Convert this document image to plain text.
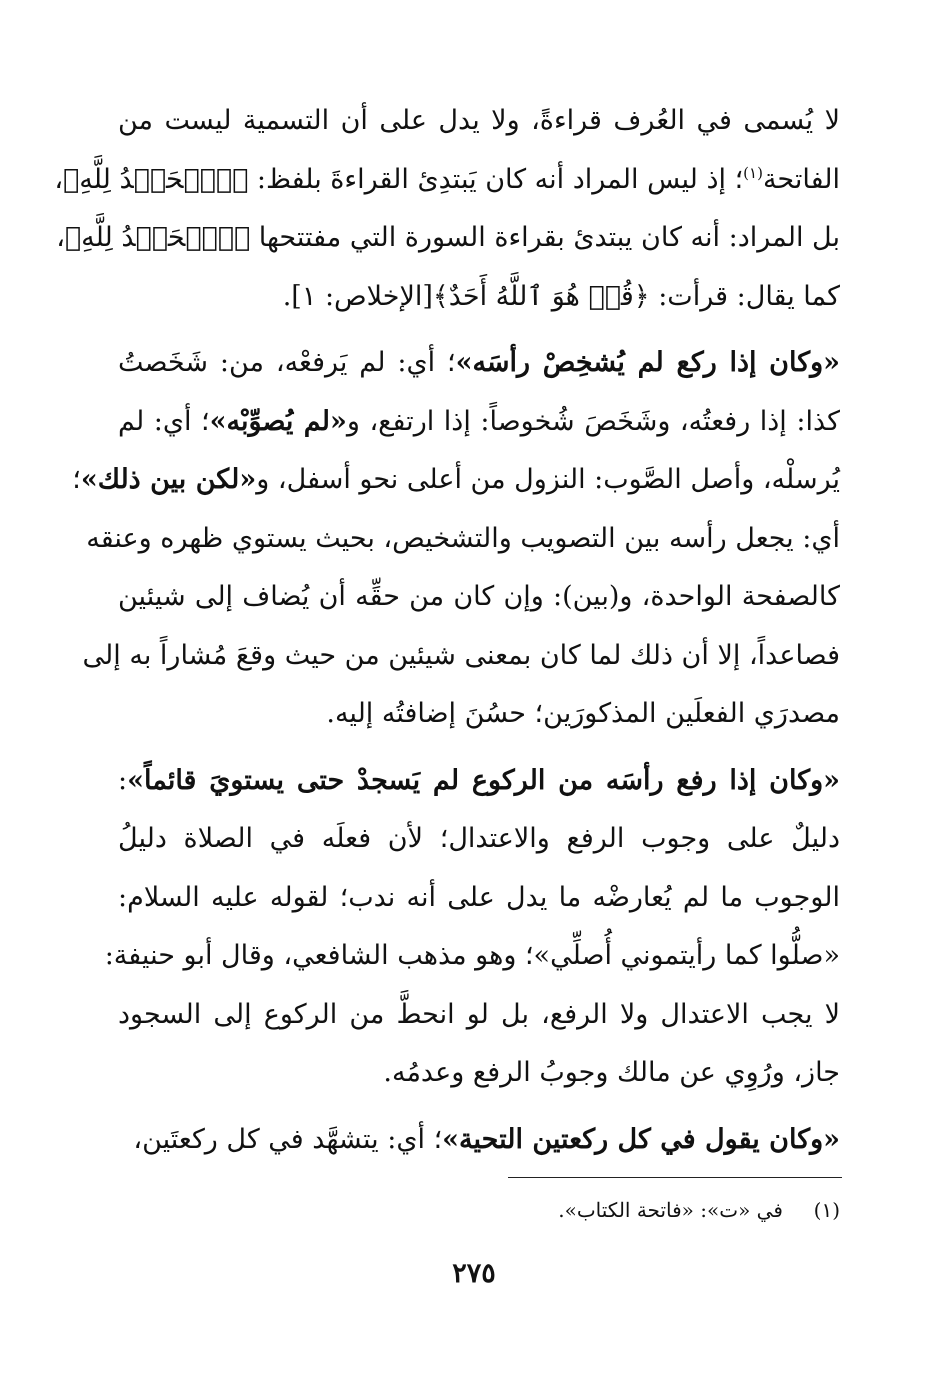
لا يُسمى في العُرف قراءةً، ولا يدل على أن التسمية ليست من
الفاتحة$^{(١)}$؛ إذ ليس المراد أنه كان يَبتدِئ القراءةَ بلفظ: ﴿ٱلۡحَمۡدُ لِلَّهِ﴾،
بل المراد: أنه كان يبتدئ بقراءة السورة التي مفتتحها ﴿ٱلۡحَمۡدُ لِلَّهِ﴾،
كما يقال: قرأت: ﴿قُلۡ هُوَ ٱللَّهُ أَحَدٌ﴾[الإخلاص: ١].
«وكان إذا ركع لم يُشخِصْ رأسَه»؛ أي: لم يَرفعْه، من: شَخَصتُ
كذا: إذا رفعتُه، وشَخَصَ شُخوصاً: إذا ارتفع، و«لم يُصوِّبْه»؛ أي: لم
يُرسلْه، وأصل الصَّوب: النزول من أعلى نحو أسفل، و«لكن بين ذلك»؛
أي: يجعل رأسه بين التصويب والتشخيص، بحيث يستوي ظهره وعنقه
كالصفحة الواحدة، و(بين): وإن كان من حقِّه أن يُضاف إلى شيئين
فصاعداً، إلا أن ذلك لما كان بمعنى شيئين من حيث وقعَ مُشاراً به إلى
مصدرَي الفعلَين المذكورَين؛ حسُنَ إضافتُه إليه.
«وكان إذا رفع رأسَه من الركوع لم يَسجدْ حتى يستويَ قائماً»:
دليلٌ على وجوب الرفع والاعتدال؛ لأن فعلَه في الصلاة دليلُ
الوجوب ما لم يُعارضْه ما يدل على أنه ندب؛ لقوله عليه السلام:
«صلُّوا كما رأيتموني أُصلِّي»؛ وهو مذهب الشافعي، وقال أبو حنيفة:
لا يجب الاعتدال ولا الرفع، بل لو انحطَّ من الركوع إلى السجود
جاز، ورُوِي عن مالك وجوبُ الرفع وعدمُه.
«وكان يقول في كل ركعتين التحية»؛ أي: يتشهَّد في كل ركعتَين،
(١)  في «ت»: «فاتحة الكتاب».
٢٧٥
